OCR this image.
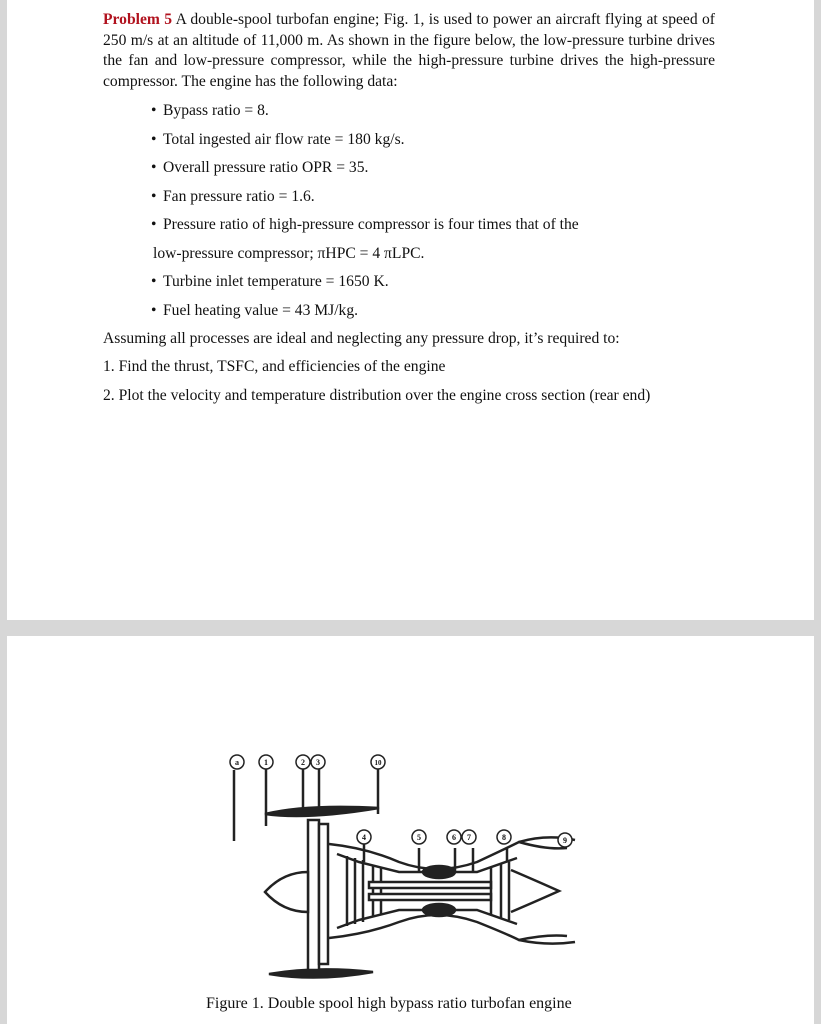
Problem 5 A double-spool turbofan engine; Fig. 1, is used to power an aircraft flying at speed of 250 m/s at an altitude of 11,000 m. As shown in the figure below, the low-pressure turbine drives the fan and low-pressure compressor, while the high-pressure turbine drives the high-pressure compressor. The engine has the following data:
• Bypass ratio = 8.
• Total ingested air flow rate = 180 kg/s.
• Overall pressure ratio OPR = 35.
• Fan pressure ratio = 1.6.
• Pressure ratio of high-pressure compressor is four times that of the
low-pressure compressor; πHPC = 4 πLPC.
• Turbine inlet temperature = 1650 K.
• Fuel heating value = 43 MJ/kg.
Assuming all processes are ideal and neglecting any pressure drop, it’s required to:
1. Find the thrust, TSFC, and efficiencies of the engine
2. Plot the velocity and temperature distribution over the engine cross section (rear end)
a	1	2 3	10
4	5	6 7	8	9
Figure 1. Double spool high bypass ratio turbofan engine
